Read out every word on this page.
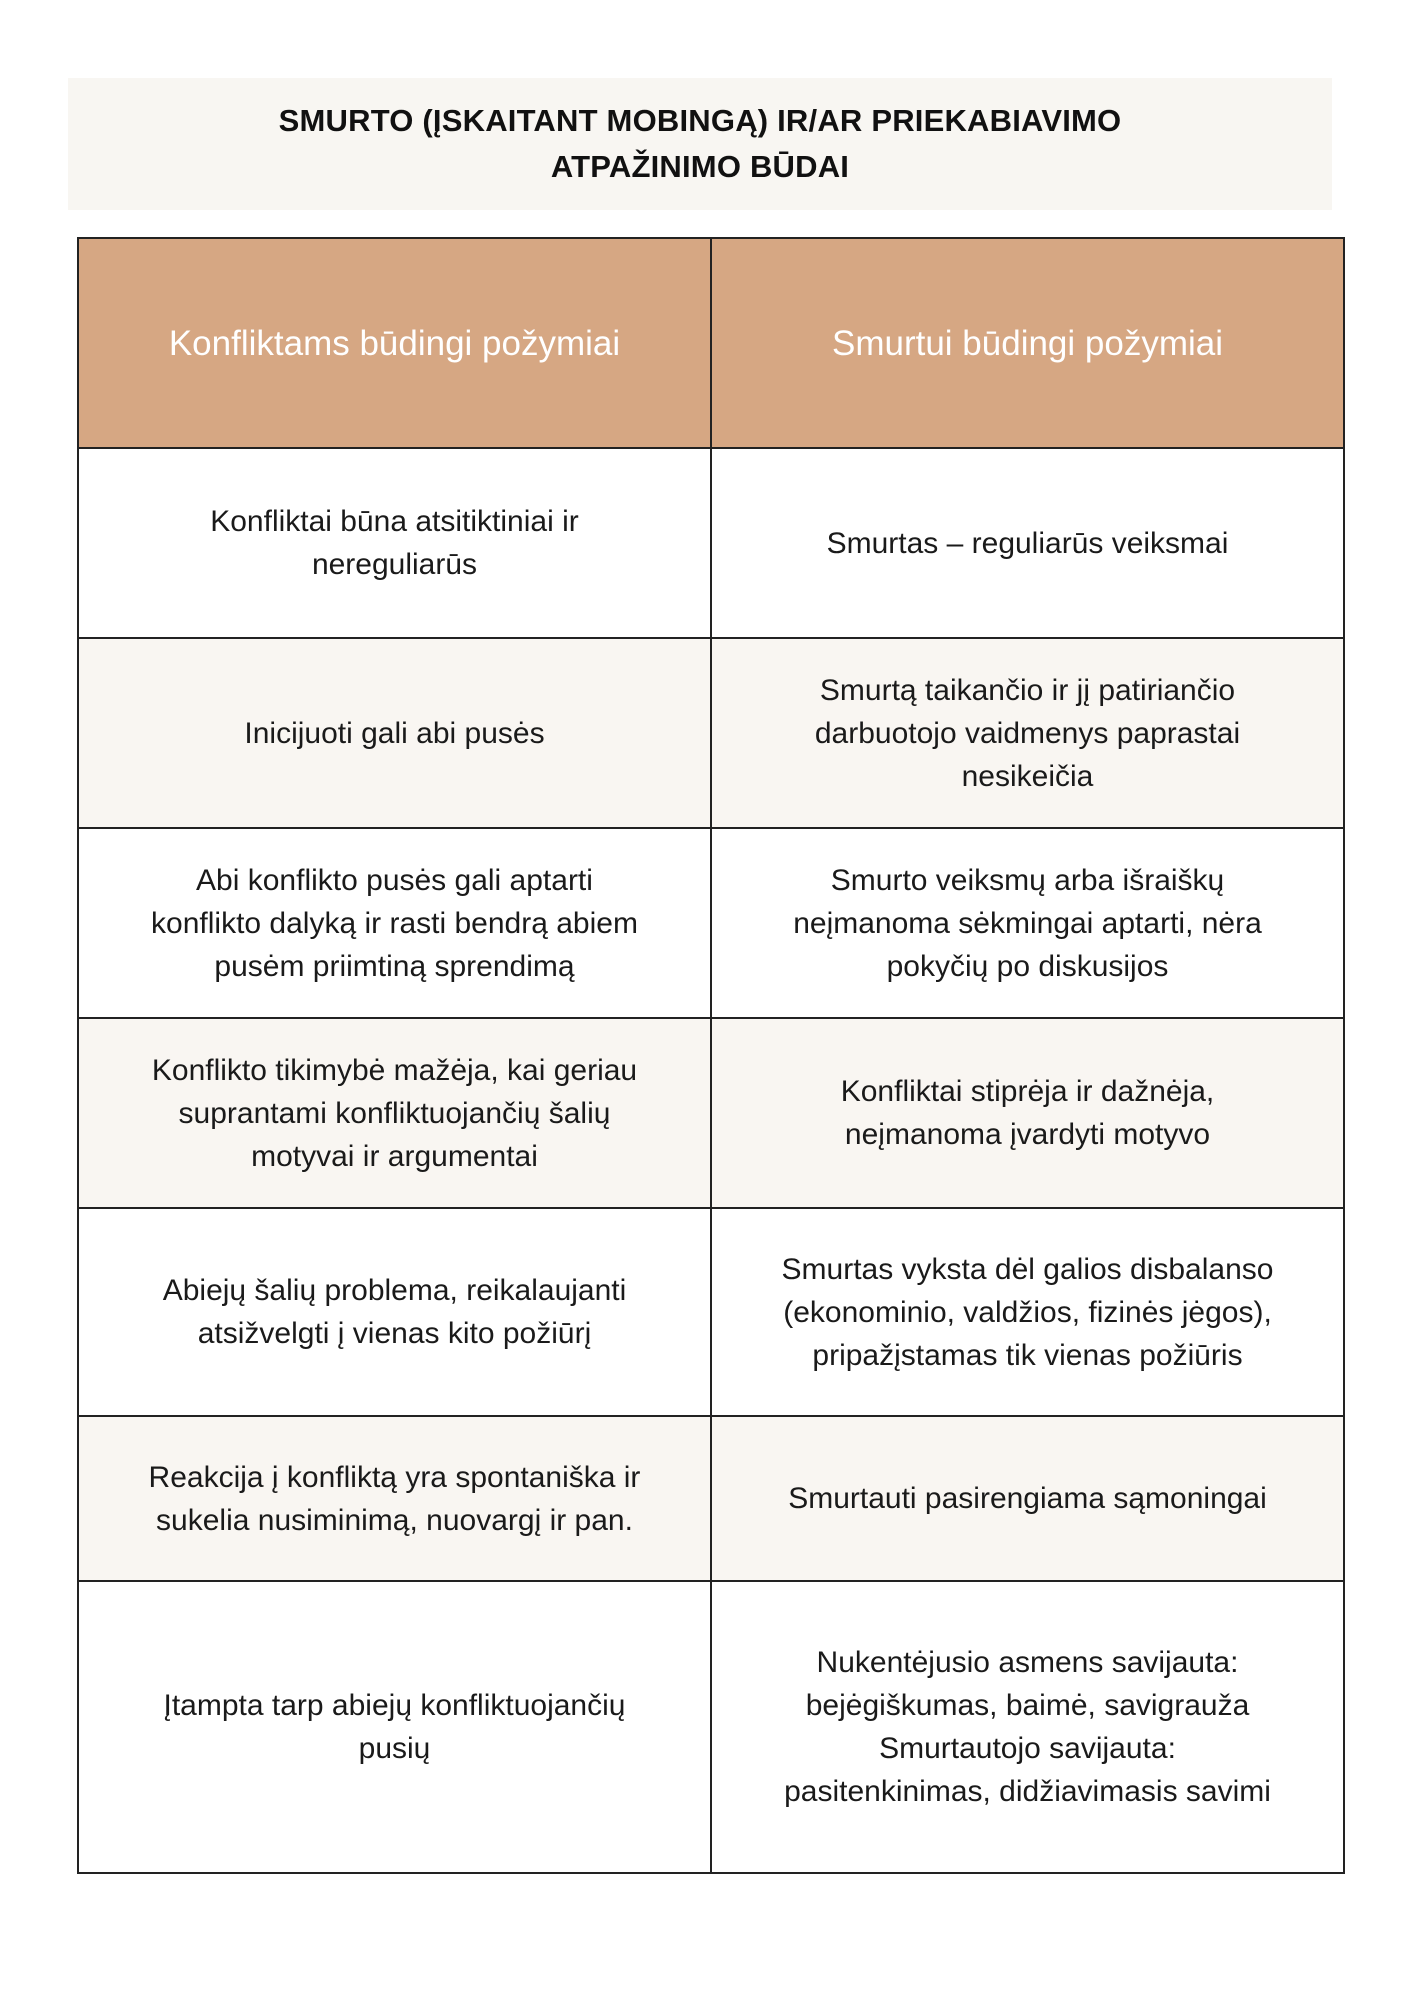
SMURTO (ĮSKAITANT MOBINGĄ) IR/AR PRIEKABIAVIMO
ATPAŽINIMO BŪDAI
Konfliktams būdingi požymiai	Smurtui būdingi požymiai

Konfliktai būna atsitiktiniai ir
nereguliarūs	Smurtas – reguliarūs veiksmai

Inicijuoti gali abi pusės	Smurtą taikančio ir jį patiriančio
darbuotojo vaidmenys paprastai
nesikeičia

Abi konflikto pusės gali aptarti
konflikto dalyką ir rasti bendrą abiem
pusėm priimtiną sprendimą	Smurto veiksmų arba išraiškų
neįmanoma sėkmingai aptarti, nėra
pokyčių po diskusijos

Konflikto tikimybė mažėja, kai geriau
suprantami konfliktuojančių šalių
motyvai ir argumentai	Konfliktai stiprėja ir dažnėja,
neįmanoma įvardyti motyvo

Abiejų šalių problema, reikalaujanti
atsižvelgti į vienas kito požiūrį	Smurtas vyksta dėl galios disbalanso
(ekonominio, valdžios, fizinės jėgos),
pripažįstamas tik vienas požiūris

Reakcija į konfliktą yra spontaniška ir
sukelia nusiminimą, nuovargį ir pan.	Smurtauti pasirengiama sąmoningai

Įtampta tarp abiejų konfliktuojančių
pusių	Nukentėjusio asmens savijauta:
bejėgiškumas, baimė, savigrauža
Smurtautojo savijauta:
pasitenkinimas, didžiavimasis savimi
